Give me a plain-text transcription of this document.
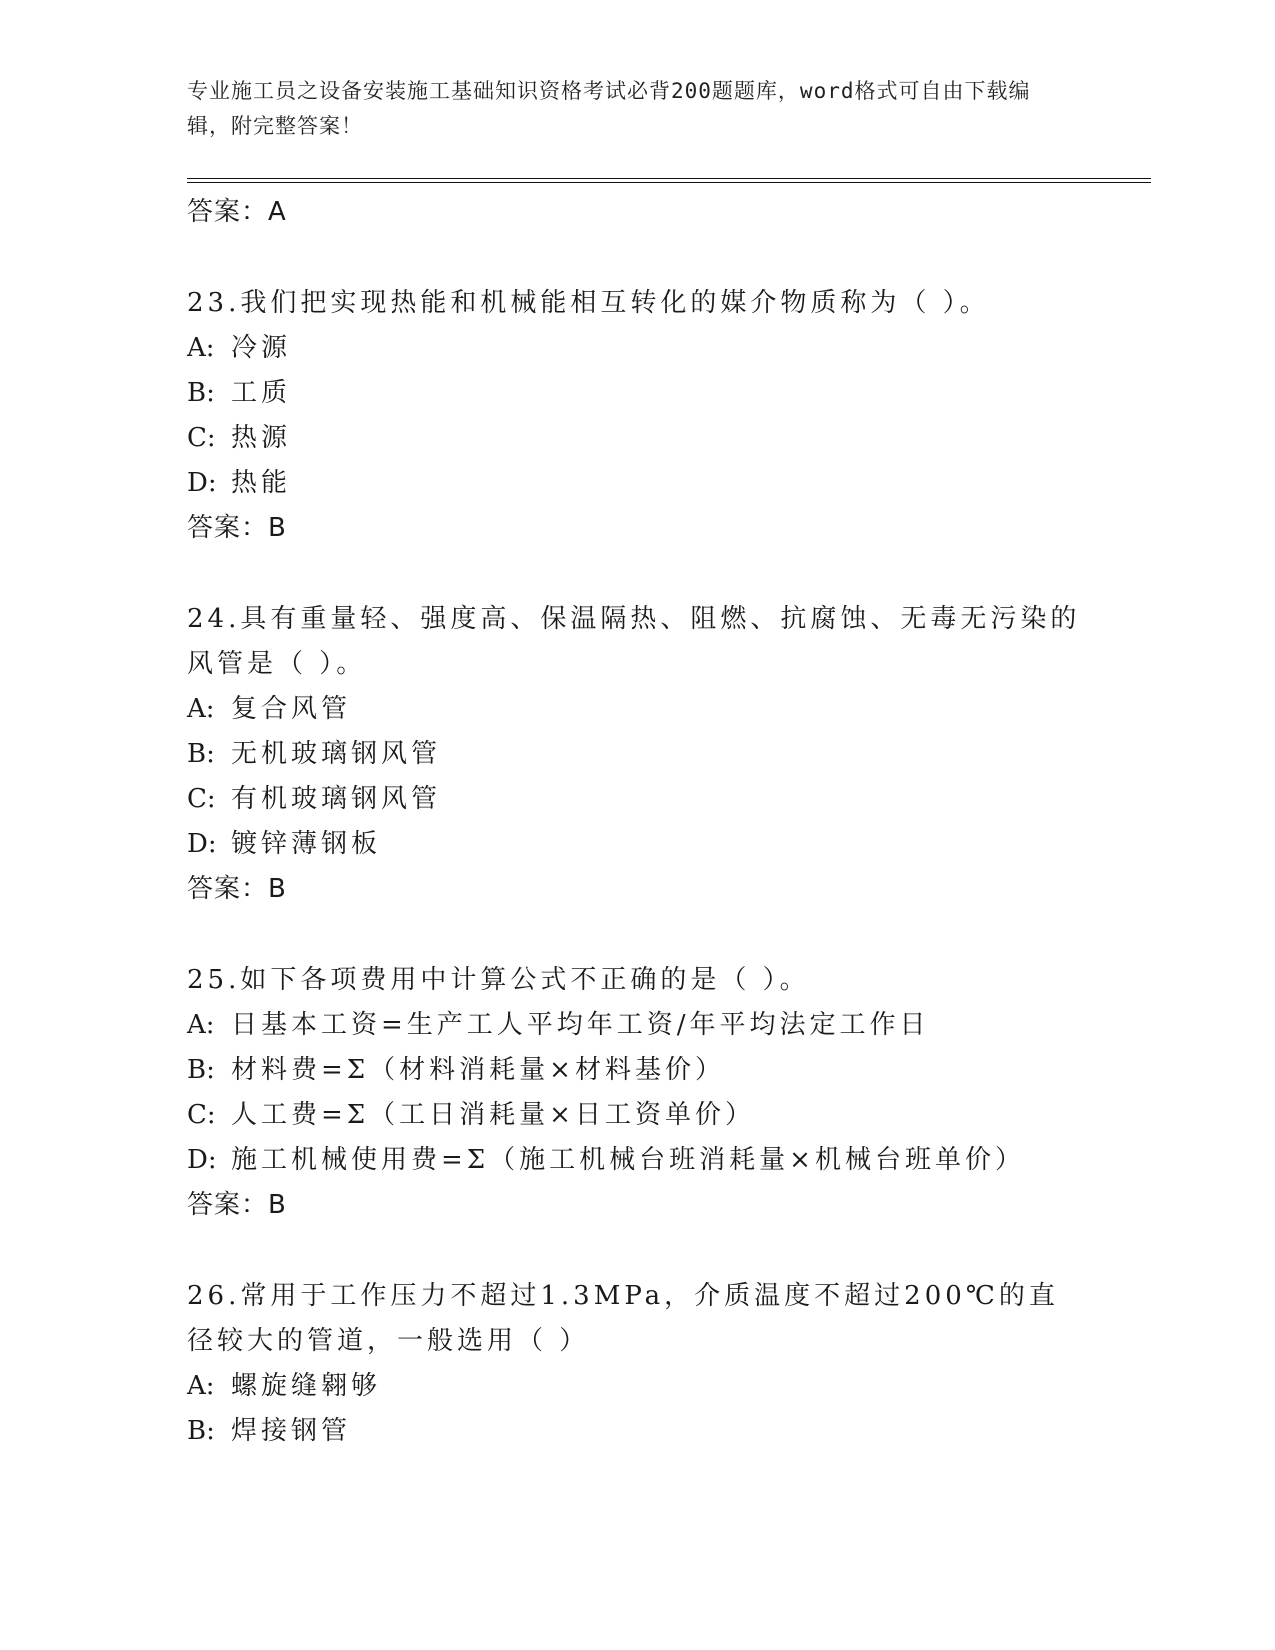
专业施工员之设备安装施工基础知识资格考试必背200题题库，word格式可自由下载编辑，附完整答案！
答案：A
23.我们把实现热能和机械能相互转化的媒介物质称为（ ）。
A: 冷源
B: 工质
C: 热源
D: 热能
答案：B
24.具有重量轻、强度高、保温隔热、阻燃、抗腐蚀、无毒无污染的风管是（ ）。
A: 复合风管
B: 无机玻璃钢风管
C: 有机玻璃钢风管
D: 镀锌薄钢板
答案：B
25.如下各项费用中计算公式不正确的是（ ）。
A: 日基本工资=生产工人平均年工资/年平均法定工作日
B: 材料费=Σ（材料消耗量×材料基价）
C: 人工费=Σ（工日消耗量×日工资单价）
D: 施工机械使用费=Σ（施工机械台班消耗量×机械台班单价）
答案：B
26.常用于工作压力不超过1.3MPa，介质温度不超过200℃的直径较大的管道，一般选用（ ）
A: 螺旋缝翱够
B: 焊接钢管
